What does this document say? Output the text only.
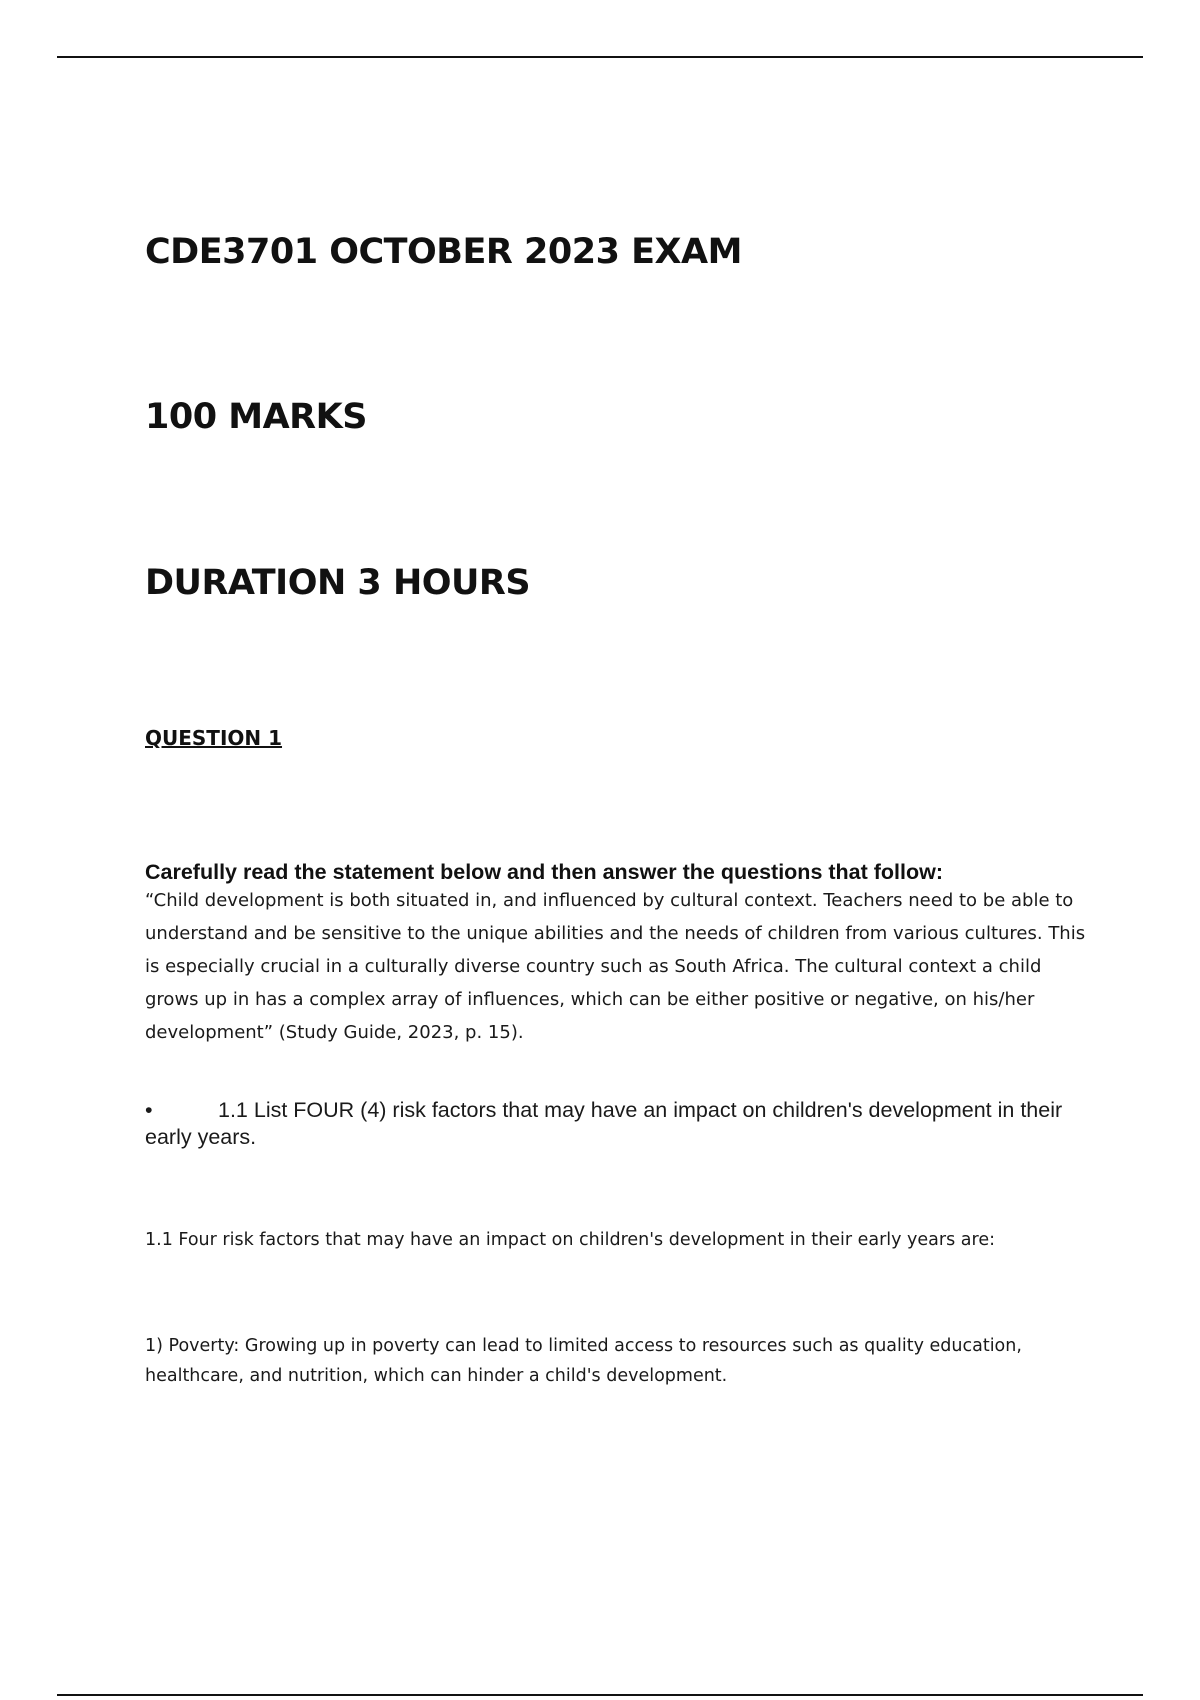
CDE3701 OCTOBER 2023 EXAM
100 MARKS
DURATION 3 HOURS
QUESTION 1

Carefully read the statement below and then answer the questions that follow:

“Child development is both situated in, and influenced by cultural context. Teachers need to be able to understand and be sensitive to the unique abilities and the needs of children from various cultures. This is especially crucial in a culturally diverse country such as South Africa. The cultural context a child grows up in has a complex array of influences, which can be either positive or negative, on his/her development” (Study Guide, 2023, p. 15).

•	1.1 List FOUR (4) risk factors that may have an impact on children's development in their early years.

1.1 Four risk factors that may have an impact on children's development in their early years are:

1) Poverty: Growing up in poverty can lead to limited access to resources such as quality education, healthcare, and nutrition, which can hinder a child's development.
